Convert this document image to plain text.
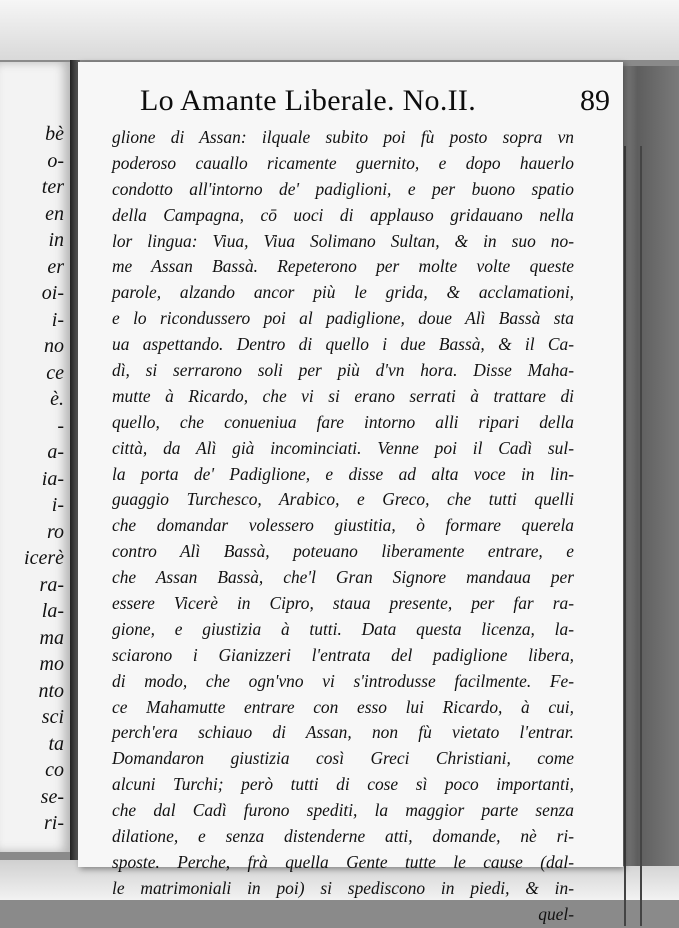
bè
o-
ter
en
in
er
oi-
i-
no
ce
è.
-
a-
ia-
i-
ro
icerè
ra-
la-
ma
mo
nto
sci
ta
co
se-
ri-
Lo Amante Liberale. No.II.	89
glione di Assan: ilquale subito poi fù posto sopra vn
poderoso cauallo ricamente guernito, e dopo hauerlo
condotto all'intorno de' padiglioni, e per buono spatio
della Campagna, cō uoci di applauso gridauano nella
lor lingua: Viua, Viua Solimano Sultan, & in suo no-
me Assan Bassà. Repeterono per molte volte queste
parole, alzando ancor più le grida, & acclamationi,
e lo ricondussero poi al padiglione, doue Alì Bassà sta
ua aspettando. Dentro di quello i due Bassà, & il Ca-
dì, si serrarono soli per più d'vn hora. Disse Maha-
mutte à Ricardo, che vi si erano serrati à trattare di
quello, che conueniua fare intorno alli ripari della
città, da Alì già incominciati. Venne poi il Cadì sul-
la porta de' Padiglione, e disse ad alta voce in lin-
guaggio Turchesco, Arabico, e Greco, che tutti quelli
che domandar volessero giustitia, ò formare querela
contro Alì Bassà, poteuano liberamente entrare, e
che Assan Bassà, che'l Gran Signore mandaua per
essere Vicerè in Cipro, staua presente, per far ra-
gione, e giustizia à tutti. Data questa licenza, la-
sciarono i Gianizzeri l'entrata del padiglione libera,
di modo, che ogn'vno vi s'introdusse facilmente. Fe-
ce Mahamutte entrare con esso lui Ricardo, à cui,
perch'era schiauo di Assan, non fù vietato l'entrar.
Domandaron giustizia così Greci Christiani, come
alcuni Turchi; però tutti di cose sì poco importanti,
che dal Cadì furono spediti, la maggior parte senza
dilatione, e senza distenderne atti, domande, nè ri-
sposte. Perche, frà quella Gente tutte le cause (dal-
le matrimoniali in poi) si spediscono in piedi, & in-
quel-
